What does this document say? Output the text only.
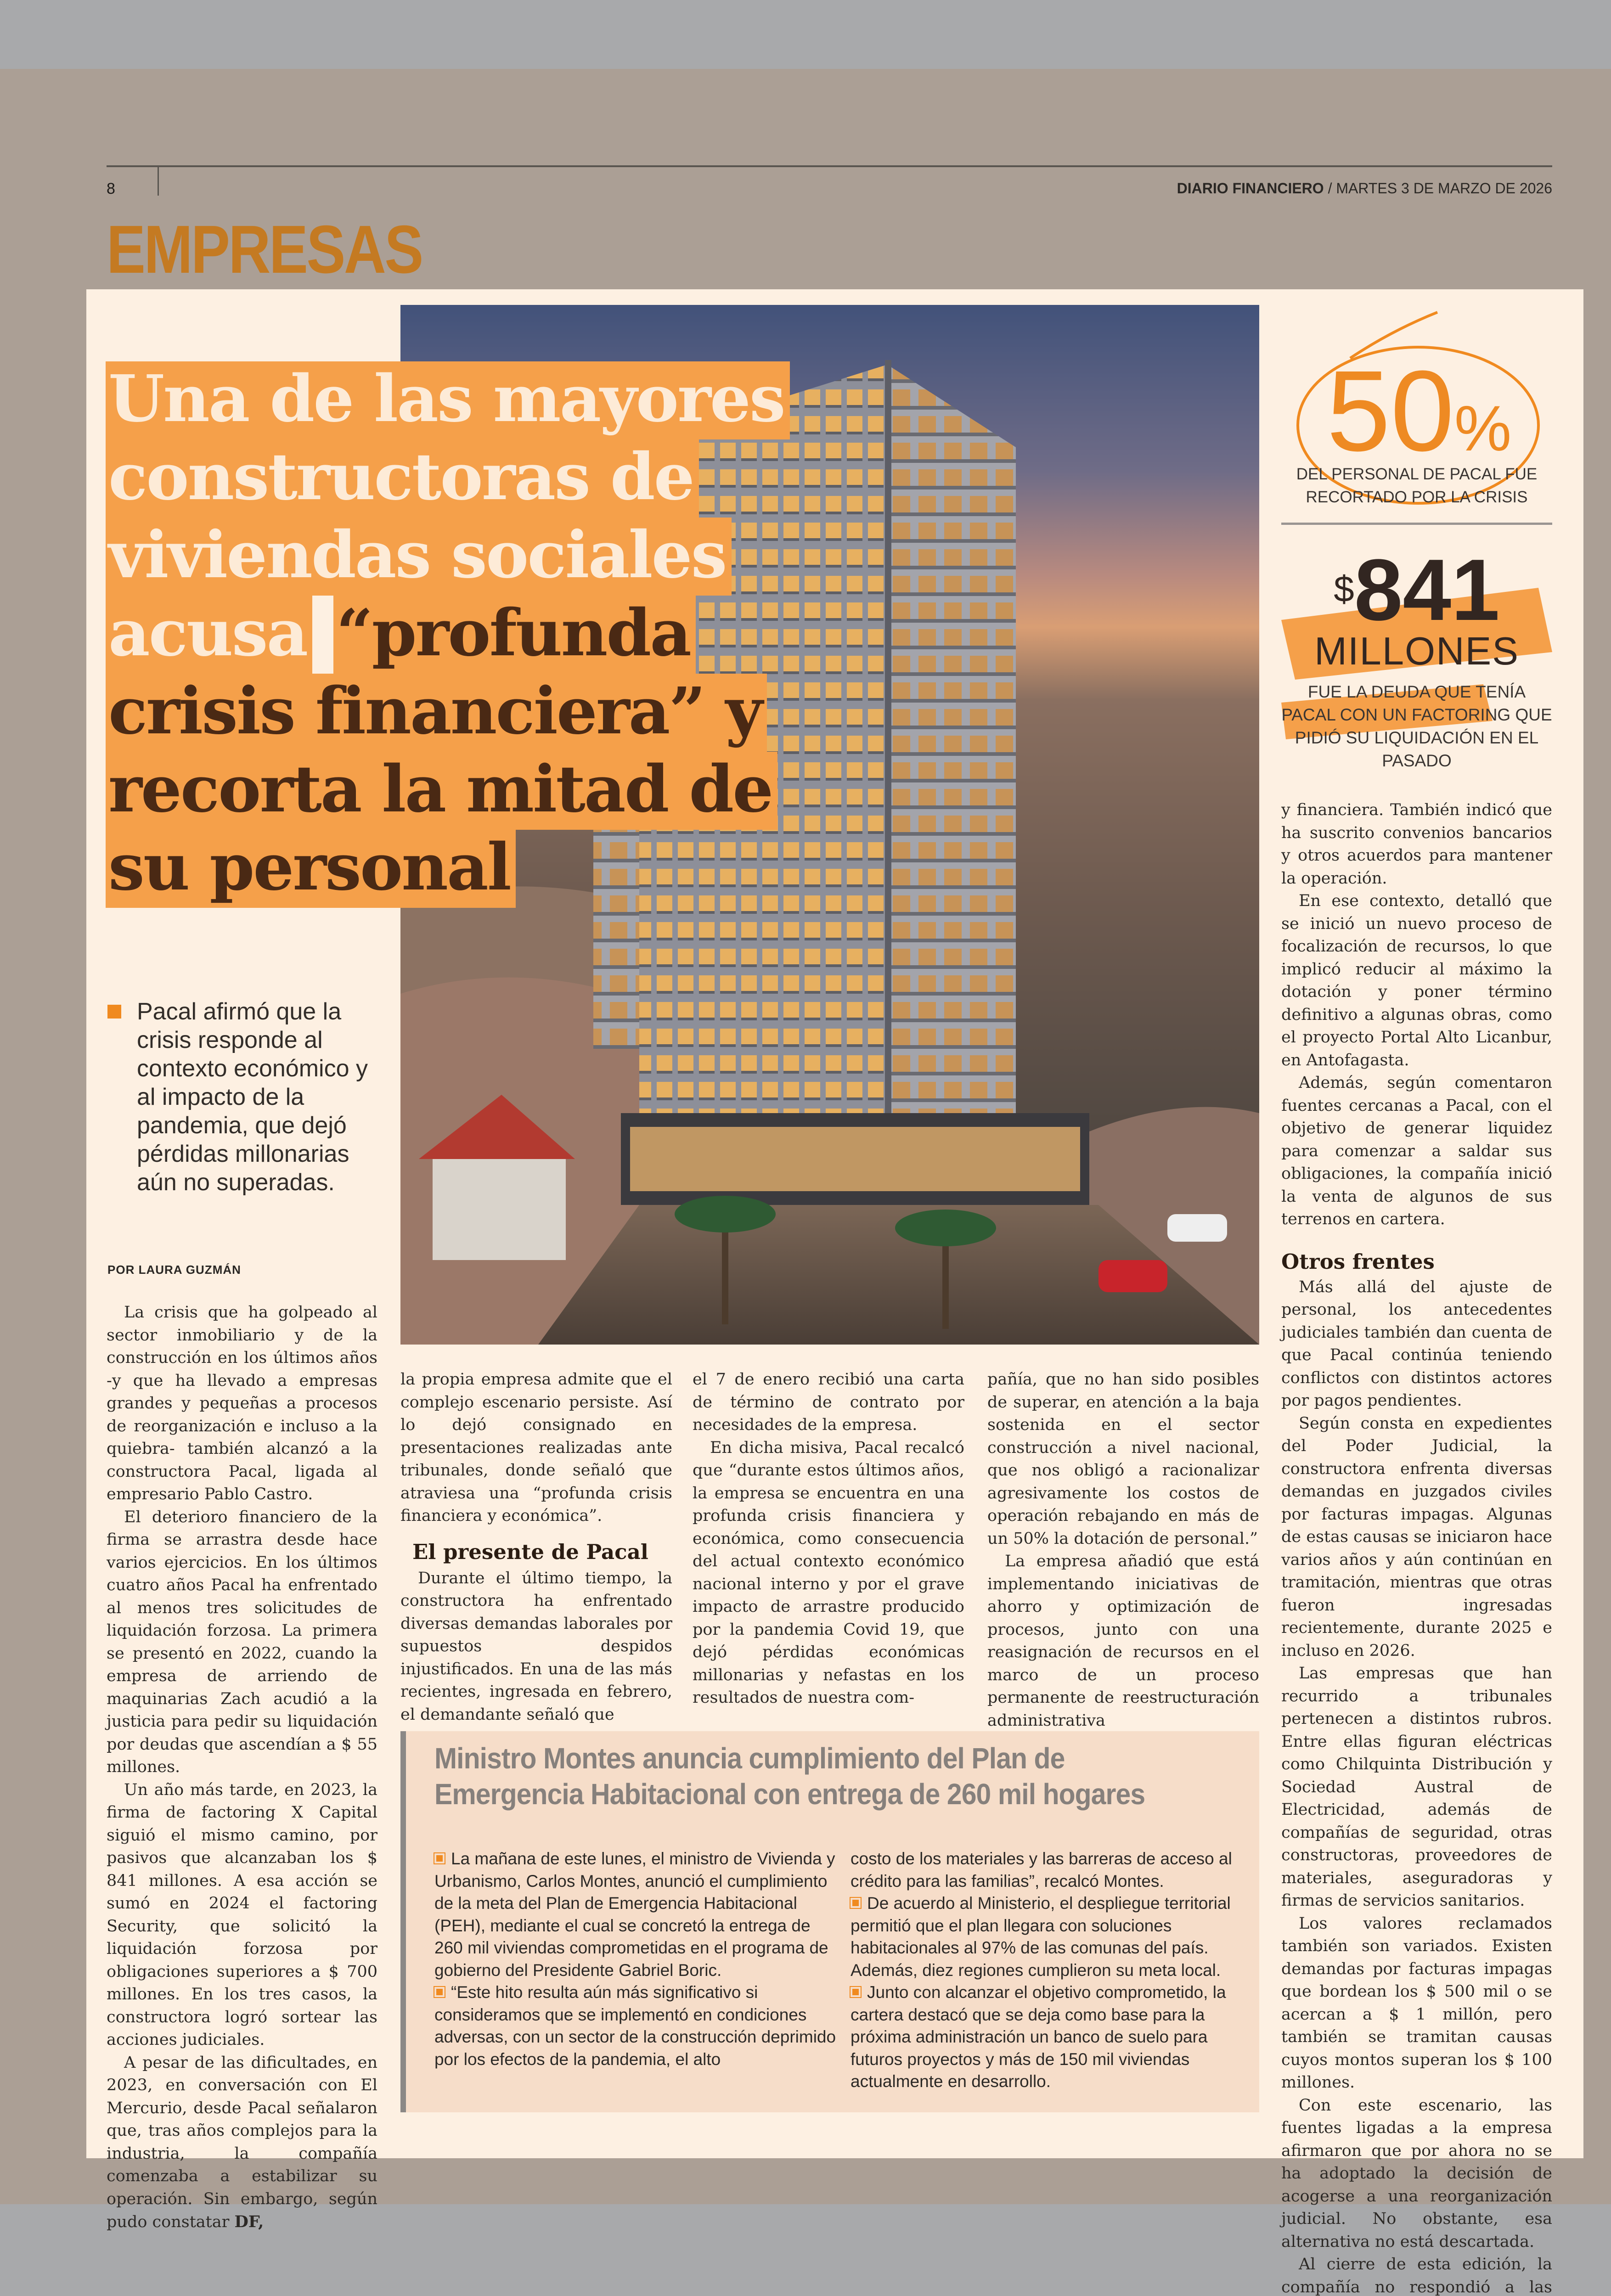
8	DIARIO FINANCIERO / MARTES 3 DE MARZO DE 2026
EMPRESAS
Una de las mayores constructoras de viviendas sociales acusa “profunda crisis financiera” y recorta la mitad de su personal

Pacal afirmó que la crisis responde al contexto económico y al impacto de la pandemia, que dejó pérdidas millonarias aún no superadas.

POR LAURA GUZMÁN
50%
DEL PERSONAL DE PACAL FUE RECORTADO POR LA CRISIS
$841
MILLONES
FUE LA DEUDA QUE TENÍA PACAL CON UN FACTORING QUE PIDIÓ SU LIQUIDACIÓN EN EL PASADO

La crisis que ha golpeado al sector inmobiliario y de la construcción en los últimos años -y que ha llevado a empresas grandes y pequeñas a procesos de reorganización e incluso a la quiebra- también alcanzó a la constructora Pacal, ligada al empresario Pablo Castro.

El deterioro financiero de la firma se arrastra desde hace varios ejercicios. En los últimos cuatro años Pacal ha enfrentado al menos tres solicitudes de liquidación forzosa. La primera se presentó en 2022, cuando la empresa de arriendo de maquinarias Zach acudió a la justicia para pedir su liquidación por deudas que ascendían a $ 55 millones.

Un año más tarde, en 2023, la firma de factoring X Capital siguió el mismo camino, por pasivos que alcanzaban los $ 841 millones. A esa acción se sumó en 2024 el factoring Security, que solicitó la liquidación forzosa por obligaciones superiores a $ 700 millones. En los tres casos, la constructora logró sortear las acciones judiciales.

A pesar de las dificultades, en 2023, en conversación con El Mercurio, desde Pacal señalaron que, tras años complejos para la industria, la compañía comenzaba a estabilizar su operación. Sin embargo, según pudo constatar DF,

la propia empresa admite que el complejo escenario persiste. Así lo dejó consignado en presentaciones realizadas ante tribunales, donde señaló que atraviesa una “profunda crisis financiera y económica”.

El presente de Pacal

Durante el último tiempo, la constructora ha enfrentado diversas demandas laborales por supuestos despidos injustificados. En una de las más recientes, ingresada en febrero, el demandante señaló que

el 7 de enero recibió una carta de término de contrato por necesidades de la empresa.

En dicha misiva, Pacal recalcó que “durante estos últimos años, la empresa se encuentra en una profunda crisis financiera y económica, como consecuencia del actual contexto económico nacional interno y por el grave impacto de arrastre producido por la pandemia Covid 19, que dejó pérdidas económicas millonarias y nefastas en los resultados de nuestra com-

pañía, que no han sido posibles de superar, en atención a la baja sostenida en el sector construcción a nivel nacional, que nos obligó a racionalizar agresivamente los costos de operación rebajando en más de un 50% la dotación de personal.”

La empresa añadió que está implementando iniciativas de ahorro y optimización de procesos, junto con una reasignación de recursos en el marco de un proceso permanente de reestructuración administrativa

y financiera. También indicó que ha suscrito convenios bancarios y otros acuerdos para mantener la operación.

En ese contexto, detalló que se inició un nuevo proceso de focalización de recursos, lo que implicó reducir al máximo la dotación y poner término definitivo a algunas obras, como el proyecto Portal Alto Licanbur, en Antofagasta.

Además, según comentaron fuentes cercanas a Pacal, con el objetivo de generar liquidez para comenzar a saldar sus obligaciones, la compañía inició la venta de algunos de sus terrenos en cartera.

Otros frentes

Más allá del ajuste de personal, los antecedentes judiciales también dan cuenta de que Pacal continúa teniendo conflictos con distintos actores por pagos pendientes.

Según consta en expedientes del Poder Judicial, la constructora enfrenta diversas demandas en juzgados civiles por facturas impagas. Algunas de estas causas se iniciaron hace varios años y aún continúan en tramitación, mientras que otras fueron ingresadas recientemente, durante 2025 e incluso en 2026.

Las empresas que han recurrido a tribunales pertenecen a distintos rubros. Entre ellas figuran eléctricas como Chilquinta Distribución y Sociedad Austral de Electricidad, además de compañías de seguridad, otras constructoras, proveedores de materiales, aseguradoras y firmas de servicios sanitarios.

Los valores reclamados también son variados. Existen demandas por facturas impagas que bordean los $ 500 mil o se acercan a $ 1 millón, pero también se tramitan causas cuyos montos superan los $ 100 millones.

Con este escenario, las fuentes ligadas a la empresa afirmaron que por ahora no se ha adoptado la decisión de acogerse a una reorganización judicial. No obstante, esa alternativa no está descartada.

Al cierre de esta edición, la compañía no respondió a las

Ministro Montes anuncia cumplimiento del Plan de Emergencia Habitacional con entrega de 260 mil hogares

La mañana de este lunes, el ministro de Vivienda y Urbanismo, Carlos Montes, anunció el cumplimiento de la meta del Plan de Emergencia Habitacional (PEH), mediante el cual se concretó la entrega de 260 mil viviendas comprometidas en el programa de gobierno del Presidente Gabriel Boric.

“Este hito resulta aún más significativo si consideramos que se implementó en condiciones adversas, con un sector de la construcción deprimido por los efectos de la pandemia, el alto

costo de los materiales y las barreras de acceso al crédito para las familias”, recalcó Montes.

De acuerdo al Ministerio, el despliegue territorial permitió que el plan llegara con soluciones habitacionales al 97% de las comunas del país. Además, diez regiones cumplieron su meta local.

Junto con alcanzar el objetivo comprometido, la cartera destacó que se deja como base para la próxima administración un banco de suelo para futuros proyectos y más de 150 mil viviendas actualmente en desarrollo.
